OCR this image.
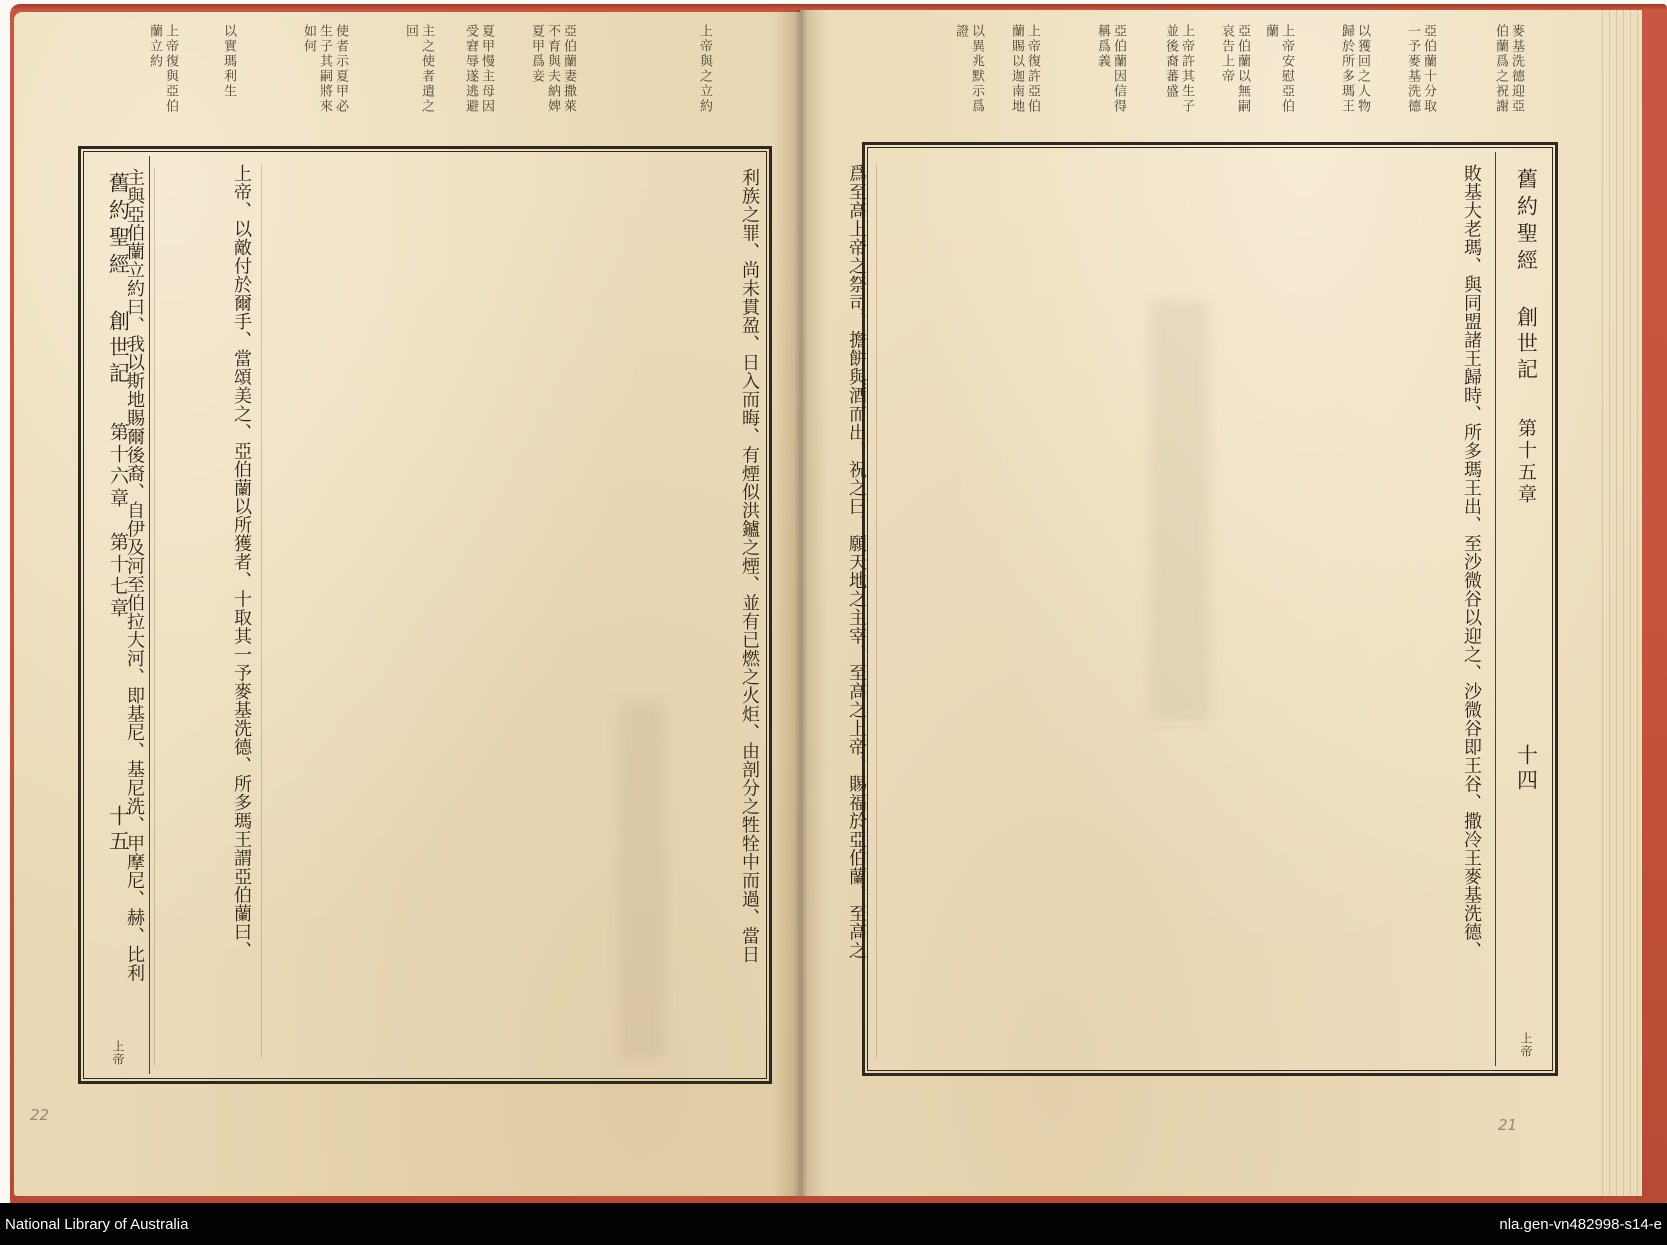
舊約聖經
創世記
第十六章　第十七章
十五
上帝
利族之罪、尚未貫盈、日入而晦、有煙似洪鑪之煙、並有已燃之火炬、由剖分之牲牷中而過、當日
主與亞伯蘭立約曰、我以斯地賜爾後裔、自伊及河至伯拉大河、即基尼、基尼洗、甲摩尼、赫、比利	敗基大老瑪、與同盟諸王歸時、所多瑪王出、至沙微谷以迎之、沙微谷即王谷、撒冷王麥基洗德、
爲至高上帝之祭司、擔餅與酒而出、祝之曰、願天地之主宰、至高之上帝、賜福於亞伯蘭、至高之
上帝、以敵付於爾手、當頌美之、亞伯蘭以所獲者、十取其一予麥基洗德、所多瑪王謂亞伯蘭曰、	舊約聖經
創世記
第十五章
十四
上帝
上帝與之立約
亞伯蘭妻撒萊不育與夫納婢夏甲爲妾
夏甲慢主母因受窘辱遂逃避
主之使者遣之回
使者示夏甲必生子其嗣將來如何
以實瑪利生
上帝復與亞伯蘭立約	麥基洗德迎亞伯蘭爲之祝謝
亞伯蘭十分取一予麥基洗德
以獲回之人物歸於所多瑪王
上帝安慰亞伯蘭
亞伯蘭以無嗣哀告上帝
上帝許其生子並後裔蕃盛
亞伯蘭因信得稱爲義
上帝復許亞伯蘭賜以迦南地
以異兆默示爲證
22
21
National Library of Australia	nla.gen-vn482998-s14-e
